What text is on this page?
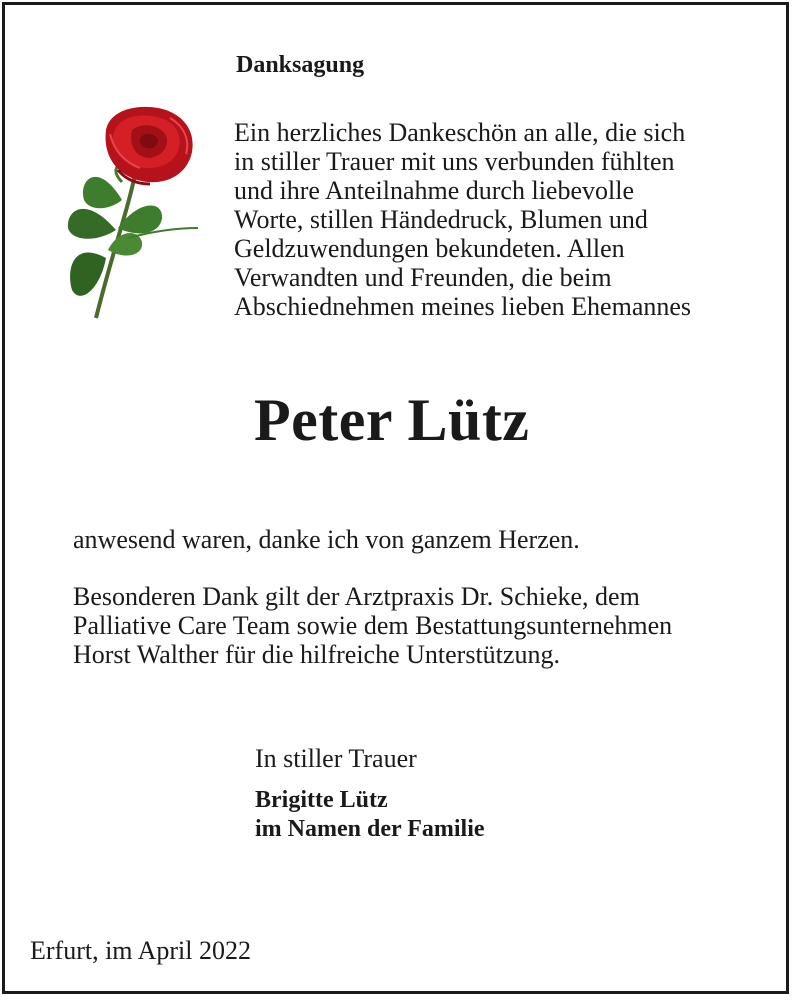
Danksagung
Ein herzliches Dankeschön an alle, die sich
in stiller Trauer mit uns verbunden fühlten
und ihre Anteilnahme durch liebevolle
Worte, stillen Händedruck, Blumen und
Geldzuwendungen bekundeten. Allen
Verwandten und Freunden, die beim
Abschiednehmen meines lieben Ehemannes
Peter Lütz
anwesend waren, danke ich von ganzem Herzen.
Besonderen Dank gilt der Arztpraxis Dr. Schieke, dem
Palliative Care Team sowie dem Bestattungsunternehmen
Horst Walther für die hilfreiche Unterstützung.
In stiller Trauer
Brigitte Lütz
im Namen der Familie
Erfurt, im April 2022
